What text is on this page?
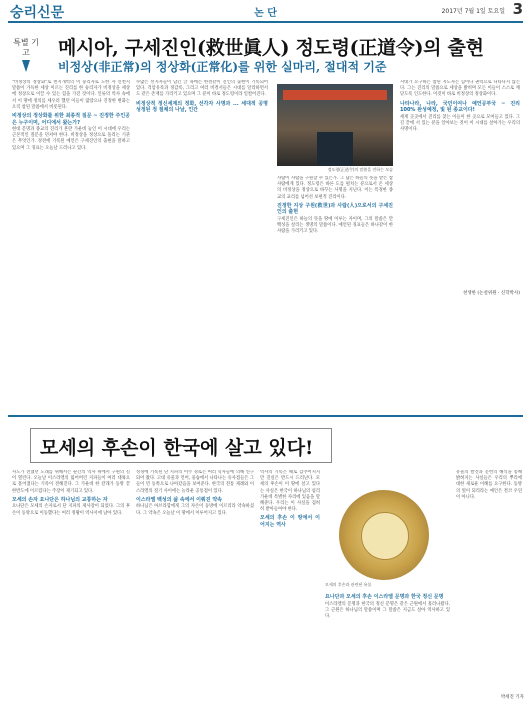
숭리신문	논 단	2017년 7월 1일 토요일 3
특별 기고	메시아, 구세진인(救世眞人) 정도령(正道令)의 출현
비정상(非正常)의 정상화(正常化)를 위한 실마리, 절대적 기준
"비정상의 정상화"로 천지개벽의 이 숭리자로 도한 자 신천지 말씀이 가득한 세상 이르는 진리를 한 숭리자가 비정상을 세상에 정상으로 이끌 수 있는 힘을 가진 것이다. 인류의 역사 속에서 이 땅에 정의를 세우려 했던 이들이 많았으나 진정한 변화는 오직 참된 말씀에서 비롯된다.
비정상의 정상화를 위한 최종적 질문 ~ 진정한 주인공은 누구이며, 어디에서 왔는가?
현대 문명과 종교의 진리가 혼란 가운데 놓인 이 시대에 우리는 근본적인 질문을 던져야 한다. 비정상을 정상으로 돌리는 기준은 무엇인가. 경전에 기록된 예언은 구세진인의 출현을 말하고 있으며 그 징표는 오늘날 드러나고 있다.
수많은 선지자들이 남긴 글 속에는 한결같이 진인의 출현이 기록되어 있다. 격암유록과 정감록, 그리고 여러 비결서들은 시대를 달리하면서도 같은 존재를 가리키고 있으며 그 분이 바로 정도령이라 일컬어진다.
비정상적 정신세계의 정화, 선각자 사명과 ... 세대적 공명 성정된 정 절체의 나날, 인간
정도령(正道令)의 말씀을 전하는 모습
사람이 사람을 구원할 수 있는가. 그 답은 하늘의 뜻을 받은 참사람에게 있다. 정도령은 바른 도를 펼치는 분으로서 온 세상의 비정상을 정상으로 바꾸는 사명을 지닌다. 이는 특정한 종교의 교리를 넘어선 보편적 진리이다.
진정한 지상 구원(救世)과 사람(人)으로서의 구세진인의 출현
구세진인은 하늘의 뜻을 땅에 이루는 자이며, 그의 말씀은 만백성을 살리는 생명의 말씀이다. 예언된 징표들은 하나같이 한 사람을 가리키고 있다.
시대가 요구하는 참된 지도자는 힘이나 권력으로 나타나지 않는다. 그는 진리의 말씀으로 세상을 밝히며 모든 이들이 스스로 깨닫도록 인도한다. 이것이 바로 비정상의 정상화이다.
나타나라, 나라, 국민이여나 예언공부국 ~ 진리 100% 완성예정, 빛 된 종교이다!
세계 곳곳에서 진리를 찾는 이들이 한 곳으로 모여들고 있다. 그 길 끝에 서 있는 분을 알아보는 것이 이 시대를 살아가는 우리의 사명이다.
천생한 (논설위원 · 신학박사)
모세의 후손이 한국에 살고 있다!
사도가 전했던 도래를 위해서는 순간의 역사 위에서 구원의 길이 열린다. 오늘날 이스라엘의 잃어버린 지파들이 여러 대륙으로 흩어졌다는 기록이 전해진다. 그 가운데 한 갈래가 동방 끝 한반도에 이르렀다는 주장이 제기되고 있다.
모세의 손자 요나단은 하나님의 교통하는 자
요나단은 모세의 손자로서 단 지파의 제사장이 되었다. 그의 후손이 동방으로 이동했다는 여러 정황이 역사서에 남아 있다.
성경에 기록된 단 지파의 이주 경로는 여러 학자들에 의해 연구되어 왔다. 고대 유물과 언어, 풍습에서 나타나는 유사점들은 그들이 먼 동쪽으로 나아갔음을 보여준다. 한국의 전통 제례와 이스라엘의 절기 사이에는 놀라운 공통점이 있다.
이스라엘 백성의 삶 속에서 이뤄진 약속
하나님은 아브라함에게 그의 자손이 동방에 이르리라 약속하셨다. 그 약속은 오늘날 이 땅에서 이루어지고 있다.
역사의 기록은 때로 감추어지지만 진실은 반드시 드러난다. 모세의 후손이 이 땅에 살고 있다는 사실은 한국이 하나님의 섭리 가운데 특별한 자리에 있음을 말해준다. 우리는 이 사실을 겸허히 받아들여야 한다.
모세의 후손 이 땅에서 이어지는 역사
모세의 후손과 관련된 유물
요나단과 모세의 후손 이스라엘 문명과 한국 정신 문명
이스라엘의 문명과 한국의 정신 문명은 같은 근원에서 흘러나왔다. 그 근원은 하나님의 말씀이며 그 말씀은 지금도 살아 역사하고 있다.
유물의 발견과 문헌의 해석을 통해 밝혀지는 사실들은 우리의 뿌리에 대한 새로운 이해를 요구한다. 동방의 빛이 되리라는 예언은 결코 우연이 아니다.
박세진 기자
